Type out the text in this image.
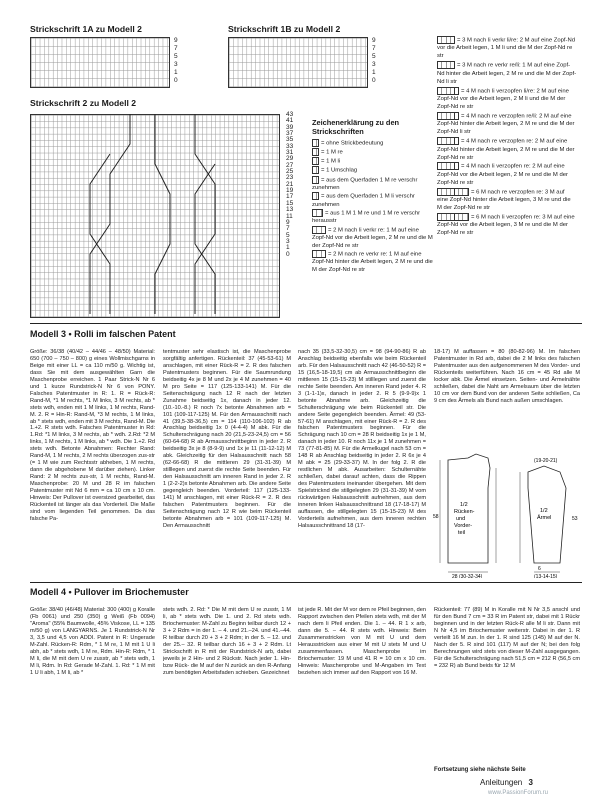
Strickschrift 1A zu Modell 2	Strickschrift 1B zu Modell 2
9
7
5
3
1
0
9
7
5
3
1
0
Strickschrift 2 zu Modell 2
43
41
39
37
35
33
31
29
27
25
23
21
19
17
15
13
11
9
7
5
3
1
0
Zeichenerklärung zu den Strickschriften
= ohne Strickbedeutung
= 1 M re
= 1 M li
= 1 Umschlag
= aus dem Querfaden 1 M re verschr zunehmen
= aus dem Querfaden 1 M li verschr zunehmen
= aus 1 M 1 M re und 1 M re verschr herausstr
= 2 M nach li verkr re: 1 M auf eine Zopf-Nd vor die Arbeit legen, 2 M re und die M der Zopf-Nd re str
= 2 M nach re verkr re: 1 M auf eine Zopf-Nd hinter die Arbeit legen, 2 M re und die M der Zopf-Nd re str
= 3 M nach li verkr li/re: 2 M auf eine Zopf-Nd vor die Arbeit legen, 1 M li und die M der Zopf-Nd re str
= 3 M nach re verkr re/li: 1 M auf eine Zopf-Nd hinter die Arbeit legen, 2 M re und die M der Zopf-Nd li str
= 4 M nach li verzopfen li/re: 2 M auf eine Zopf-Nd vor die Arbeit legen, 2 M li und die M der Zopf-Nd re str
= 4 M nach re verzopfen re/li: 2 M auf eine Zopf-Nd hinter die Arbeit legen, 2 M re und die M der Zopf-Nd li str
= 4 M nach re verzopfen re: 2 M auf eine Zopf-Nd hinter die Arbeit legen, 2 M re und die M der Zopf-Nd re str
= 4 M nach li verzopfen re: 2 M auf eine Zopf-Nd vor die Arbeit legen, 2 M re und die M der Zopf-Nd re str
= 6 M nach re verzopfen re: 3 M auf eine Zopf-Nd hinter die Arbeit legen, 3 M re und die M der Zopf-Nd re str
= 6 M nach li verzopfen re: 3 M auf eine Zopf-Nd vor die Arbeit legen, 3 M re und die M der Zopf-Nd re str
Modell 3 • Rolli im falschen Patent

Größe: 36/38 (40/42 – 44/46 – 48/50) Material: 650 (700 – 750 – 800) g eines Wollmischgarns in Beige mit einer LL = ca 110 m/50 g. Wichtig ist, dass Sie mit dem ausgewählten Garn die Maschenprobe erreichen. 1 Paar Strick-N Nr 6 und 1 kurze Rundstrick-N Nr 6 von PONY. Falsches Patentmuster in R: 1. R = Rück-R: Rand-M, *1 M rechts, *1 M links, 3 M rechts, ab * stets wdh, enden mit 1 M links, 1 M rechts, Rand-M. 2. R = Hin-R: Rand-M, *3 M rechts, 1 M links, ab * stets wdh, enden mit 3 M rechts, Rand-M. Die 1.+2. R stets wdh. Falsches Patentmuster in Rd: 1.Rd: *1 M links, 3 M rechts, ab * wdh. 2.Rd: *2 M links, 1 M rechts, 1 M links, ab * wdh. Die 1.+2. Rd stets wdh. Betonte Abnahmen: Rechter Rand: Rand-M, 1 M rechts, 2 M rechts überzogen zus-str (= 1 M wie zum Rechtsstr abheben, 1 M rechts, dann die abgehobene M darüber ziehen). Linker Rand: 2 M rechts zus-str, 1 M rechts, Rand-M. Maschenprobe: 20 M und 28 R im falschen Patentmuster mit Nd 6 mm = ca 10 cm x 10 cm. Hinweis: Der Pullover ist oversized gearbeitet, das Rückenteil ist länger als das Vorderteil. Die Maße sind vom liegenden Teil genommen. Da das falsche Pa-

tentmuster sehr elastisch ist, die Maschenprobe sorgfältig anfertigen. Rückenteil: 37 (45-53-61) M anschlagen, mit einer Rück-R = 2. R des falschen Patentmusters beginnen. Für die Saumrundung beidseitig 4x je 8 M und 2x je 4 M zunehmen = 40 M pro Seite = 117 (125-133-141) M. Für die Seitenschrägung nach 12 R nach der letzten Zunahme beidseitig 1x, danach in jeder 12. (10.-10.-8.) R noch 7x betonte Abnahmen arb = 101 (109-117-125) M. Für den Armausschnitt nach 41 (39,5-38-36,5) cm = 114 (110-106-102) R ab Anschlag beidseitig 1x 0 (4-4-4) M abk. Für die Schulterschrägung nach 20 (21,5-23-24,5) cm = 56 (60-64-68) R ab Armausschnittbeginn in jeder 2. R beidseitig 3x je 8 (8-9-9) und 1x je 11 (11-12-12) M abk. Gleichzeitig für den Halsausschnitt nach 58 (62-66-68) R die mittleren 29 (31-31-39) M stilllegen und zuerst die rechte Seite beenden. Für den Halsausschnitt am inneren Rand in jeder 2. R 1 (2-2-2)x betonte Abnahmen arb. Die andere Seite gegengleich beenden. Vorderteil: 117 (125-133-141) M anschlagen, mit einer Rück-R = 2. R des falschen Patentmusters beginnen. Für die Seitenschrägung nach 12 R wie beim Rückenteil betonte Abnahmen arb = 101 (109-117-125) M. Den Armausschnitt

nach 35 (33,5-32-30,5) cm = 98 (94-90-86) R ab Anschlag beidseitig ebenfalls wie beim Rückenteil arb. Für den Halsausschnitt nach 42 (46-50-52) R = 15 (16,5-18-19,5) cm ab Armausschnittbeginn die mittleren 15 (15-15-23) M stilllegen und zuerst die rechte Seite beenden. Am inneren Rand jeder 4. R 3 (1-1-1)x, danach in jeder 2. R 5 (9-9-9)x 1 betonte Abnahme arb. Gleichzeitig die Schulterschrägung wie beim Rückenteil str. Die andere Seite gegengleich beenden. Ärmel: 49 (53-57-61) M anschlagen, mit einer Rück-R = 2. R des falschen Patentmusters beginnen. Für die Schrägung nach 10 cm = 28 R beidseitig 1x je 1 M, danach in jeder 10. R noch 11x je 1 M zunehmen = 73 (77-81-85) M. Für die Armelkugel nach 53 cm = 148 R ab Anschlag beidseitig in jeder 2. R 6x je 4 M abk = 25 (29-33-37) M. In der folg 2. R die restlichen M abk. Ausarbeiten: Schulternähte schließen, dabei darauf achten, dass die Rippen des Patentmusters ineinander übergehen. Mit dem Spielstricknd die stillgelegten 29 (31-31-39) M vom rückwärtigen Halsausschnitt aufnehmen, aus dem inneren linken Halsausschnittrand 18 (17-18-17) M auffassen, die stillgelegten 15 (15-15-23) M des Vorderteils aufnehmen, aus dem inneren rechten Halsausschnittrand 18 (17-

18-17) M auffassen = 80 (80-82-96) M. Im falschen Patentmuster in Rd arb, dabei die 2 M links des falschen Patentmuster aus den aufgenommenen M des Vorder- und Rückenteils weiterführen. Nach 16 cm = 45 Rd alle M locker abk. Die Ärmel einsetzen. Seiten- und Ärmelnähte schließen, dabei die Naht am Armelsaum über die letzten 10 cm vor dem Bund von der anderen Seite schließen, Ca 9 cm des Ärmels als Bund nach außen umschlagen.

1/2 Rücken-und Vorder-teil
1/2 Ärmel
28 (30-32-34)
6
(13-14-15)
(19-20-21)
58	53
Modell 4 • Pullover im Briochemuster

Größe: 38/40 (46/48) Material: 300 (400) g Koralle (Fb 0061) und 250 (350) g Weiß (Fb 0094) "Aroma" (55% Baumwolle, 45% Viskose, LL = 135 m/50 g) von LANGYARNS. Je 1 Rundstrick-N Nr 3, 3,5 und 4,5 von ADDI. Patent in R: Ungerade M-Zahl. Rücken-R: Rdm, * 1 M re, 1 M mit 1 U li abh, ab * stets wdh, 1 M re, Rdm. Hin-R: Rdm, * 1 M li, die M mit dem U re zusstr, ab * stets wdh, 1 M li, Rdm. In Rd: Gerade M-Zahl. 1. Rd: * 1 M mit 1 U li abh, 1 M li, ab *

stets wdh. 2. Rd: * Die M mit dem U re zusstr, 1 M li, ab * stets wdh. Die 1. und 2. Rd stets wdh. Briochemuster: M-Zahl zu Beginn teilbar durch 12 + 3 + 2 Rdm = in der 1. – 4. und 21.–24. und 41.–44. R teilbar durch 20 + 3 + 2 Rdm; in der 5. – 12. und der 25.– 32. R teilbar durch 16 + 3 + 2 Rdm. Lt Strickschrift in R mit der Rundstrick-N arb, dabei jeweils je 2 Hin- und 2 Rückstr. Nach jeder 1. Hin- bzw Rück- die M auf der N zurück an den R-Anfang zum benötigten Arbeitsfaden schieben. Gezeichnet

ist jede R. Mit der M vor dem re Pfeil beginnen, den Rapport zwischen den Pfeilen stets wdh, mit der M nach dem li Pfeil enden. Die 1. – 44. R 1 x arb, dann die 5. – 44. R stets wdh. Hinweis: Beim Zusammenstricken von M mit U und dem Herausstricken aus einer M mit U stets M und U zusammenfassen. Maschenprobe im Briochemuster: 19 M und 41 R = 10 cm x 10 cm. Hinweis: Maschenprobe und M-Angaben im Text beziehen sich immer auf den Rapport von 16 M.

Rückenteil: 77 (89) M in Koralle mit N Nr 3,5 anschl und für den Bund 7 cm = 33 R im Patent str, dabei mit 1 Rückr beginnen und in der letzten Rück-R alle M li str. Dann mit N Nr 4,5 im Briochemuster weiterstr. Dabei in der 1. R verteilt 16 M zun. In der 1. R sind 125 (145) M auf der N. Nach der 5. R sind 101 (117) M auf der N; bei den folg Berechnungen wird stets von dieser M-Zahl ausgegangen. Für die Schulterschrägung nach 51,5 cm = 212 R (56,5 cm = 232 R) ab Bund beids für 12 M

Fortsetzung siehe nächste Seite
Anleitungen 3
www.PassionForum.ru
